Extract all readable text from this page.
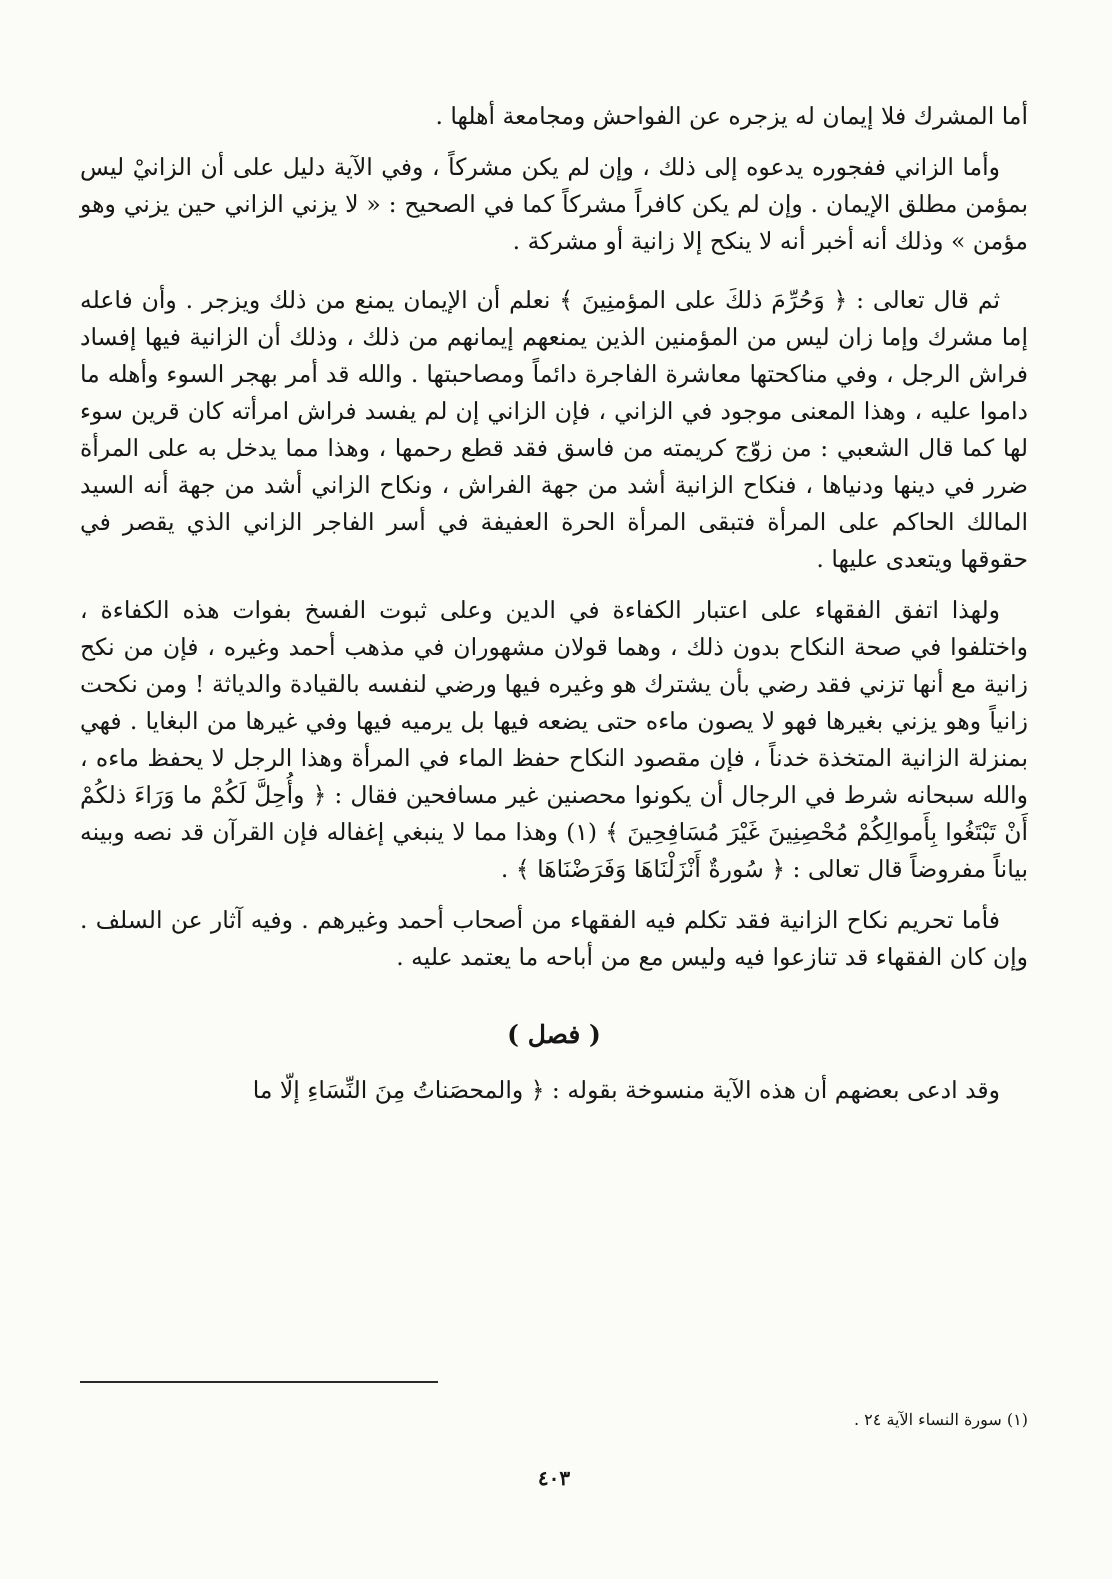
أما المشرك فلا إيمان له يزجره عن الفواحش ومجامعة أهلها .

وأما الزاني ففجوره يدعوه إلى ذلك ، وإن لم يكن مشركاً ، وفي الآية دليل على أن الزانيْ ليس بمؤمن مطلق الإيمان . وإن لم يكن كافراً مشركاً كما في الصحيح : « لا يزني الزاني حين يزني وهو مؤمن » وذلك أنه أخبر أنه لا ينكح إلا زانية أو مشركة .

ثم قال تعالى : ﴿ وَحُرِّمَ ذلكَ على المؤمنِينَ ﴾ نعلم أن الإيمان يمنع من ذلك ويزجر . وأن فاعله إما مشرك وإما زان ليس من المؤمنين الذين يمنعهم إيمانهم من ذلك ، وذلك أن الزانية فيها إفساد فراش الرجل ، وفي مناكحتها معاشرة الفاجرة دائماً ومصاحبتها . والله قد أمر بهجر السوء وأهله ما داموا عليه ، وهذا المعنى موجود في الزاني ، فإن الزاني إن لم يفسد فراش امرأته كان قرين سوء لها كما قال الشعبي : من زوّج كريمته من فاسق فقد قطع رحمها ، وهذا مما يدخل به على المرأة ضرر في دينها ودنياها ، فنكاح الزانية أشد من جهة الفراش ، ونكاح الزاني أشد من جهة أنه السيد المالك الحاكم على المرأة فتبقى المرأة الحرة العفيفة في أسر الفاجر الزاني الذي يقصر في حقوقها ويتعدى عليها .

ولهذا اتفق الفقهاء على اعتبار الكفاءة في الدين وعلى ثبوت الفسخ بفوات هذه الكفاءة ، واختلفوا في صحة النكاح بدون ذلك ، وهما قولان مشهوران في مذهب أحمد وغيره ، فإن من نكح زانية مع أنها تزني فقد رضي بأن يشترك هو وغيره فيها ورضي لنفسه بالقيادة والدياثة ! ومن نكحت زانياً وهو يزني بغيرها فهو لا يصون ماءه حتى يضعه فيها بل يرميه فيها وفي غيرها من البغايا . فهي بمنزلة الزانية المتخذة خدناً ، فإن مقصود النكاح حفظ الماء في المرأة وهذا الرجل لا يحفظ ماءه ، والله سبحانه شرط في الرجال أن يكونوا محصنين غير مسافحين فقال : ﴿ وأُحِلَّ لَكُمْ ما وَرَاءَ ذلكُمْ أَنْ تَبْتَغُوا بِأَموالِكُمْ مُحْصِنِينَ غَيْرَ مُسَافِحِينَ ﴾ (١) وهذا مما لا ينبغي إغفاله فإن القرآن قد نصه وبينه بياناً مفروضاً قال تعالى : ﴿ سُورةٌ أَنْزَلْنَاهَا وَفَرَضْنَاهَا ﴾ .

فأما تحريم نكاح الزانية فقد تكلم فيه الفقهاء من أصحاب أحمد وغيرهم . وفيه آثار عن السلف . وإن كان الفقهاء قد تنازعوا فيه وليس مع من أباحه ما يعتمد عليه .

( فصل )

وقد ادعى بعضهم أن هذه الآية منسوخة بقوله : ﴿ والمحصَناتُ مِنَ النِّسَاءِ إلّا ما

(١) سورة النساء الآية ٢٤ .
٤٠٣
